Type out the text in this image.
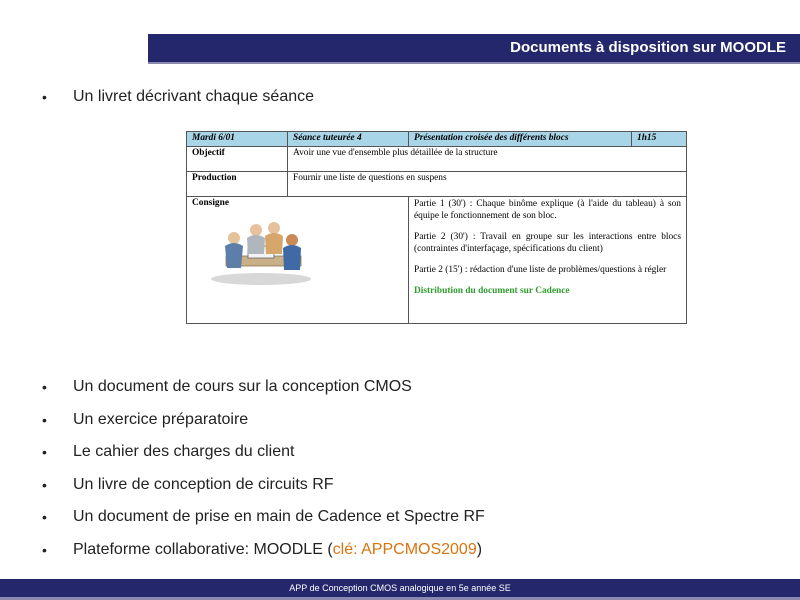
Documents à disposition sur MOODLE
• Un livret décrivant chaque séance
Mardi 6/01	Séance tuteurée 4	Présentation croisée des différents blocs	1h15
Objectif	Avoir une vue d'ensemble plus détaillée de la structure		
Production	Fournir une liste de questions en suspens		

Consigne		Partie 1 (30') : Chaque binôme explique (à l'aide du tableau) à son équipe le fonctionnement de son bloc.

Partie 2 (30') : Travail en groupe sur les interactions entre blocs (contraintes d'interfaçage, spécifications du client)

Partie 2 (15') : rédaction d'une liste de problèmes/questions à régler

Distribution du document sur Cadence	

• Un document de cours sur la conception CMOS
• Un exercice préparatoire
• Le cahier des charges du client
• Un livre de conception de circuits RF
• Un document de prise en main de Cadence et Spectre RF
• Plateforme collaborative: MOODLE (clé: APPCMOS2009)
APP de Conception CMOS analogique en 5e année SE
